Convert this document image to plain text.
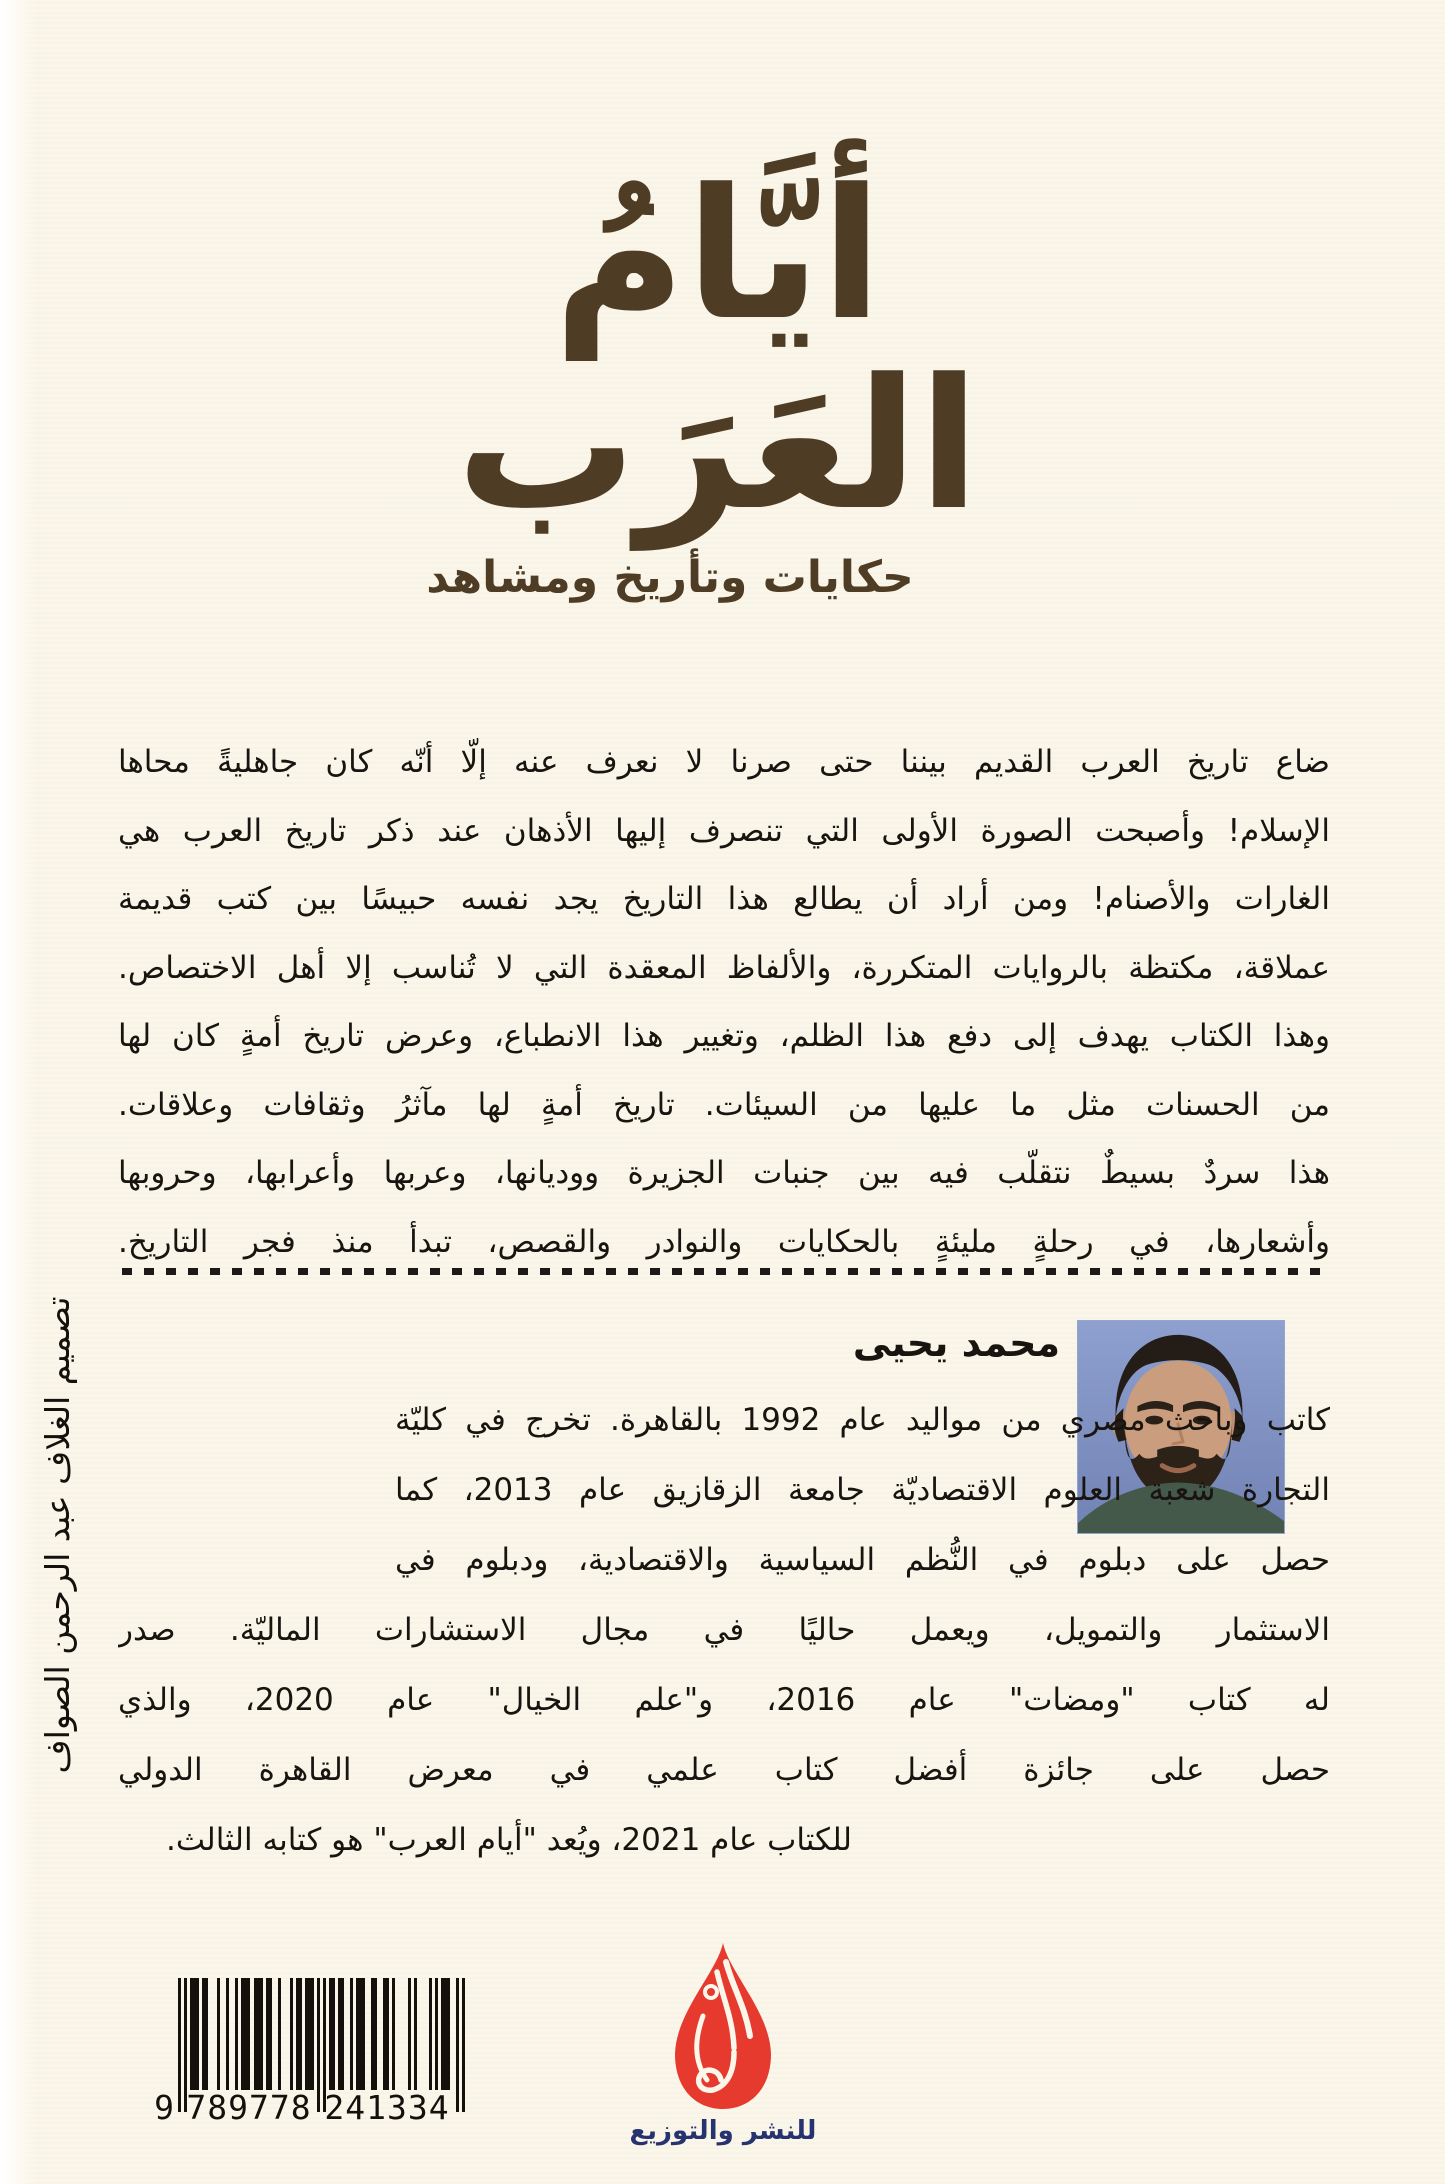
أيَّامُ
العَرَب
حكايات وتأريخ ومشاهد
ضاع تاريخ العرب القديم بيننا حتى صرنا لا نعرف عنه إلّا أنّه كان جاهليةً محاها
الإسلام! وأصبحت الصورة الأولى التي تنصرف إليها الأذهان عند ذكر تاريخ العرب هي
الغارات والأصنام! ومن أراد أن يطالع هذا التاريخ يجد نفسه حبيسًا بين كتب قديمة
عملاقة، مكتظة بالروايات المتكررة، والألفاظ المعقدة التي لا تُناسب إلا أهل الاختصاص.
وهذا الكتاب يهدف إلى دفع هذا الظلم، وتغيير هذا الانطباع، وعرض تاريخ أمةٍ كان لها
من الحسنات مثل ما عليها من السيئات. تاريخ أمةٍ لها مآثرُ وثقافات وعلاقات.
هذا سردٌ بسيطٌ نتقلّب فيه بين جنبات الجزيرة ووديانها، وعربها وأعرابها، وحروبها
وأشعارها، في رحلةٍ مليئةٍ بالحكايات والنوادر والقصص، تبدأ منذ فجر التاريخ.
محمد يحيى
كاتب وباحث مصري من مواليد عام 1992 بالقاهرة. تخرج في كليّة
التجارة شعبة العلوم الاقتصاديّة جامعة الزقازيق عام 2013، كما
حصل على دبلوم في النُّظم السياسية والاقتصادية، ودبلوم في
الاستثمار والتمويل، ويعمل حاليًا في مجال الاستشارات الماليّة. صدر
له كتاب "ومضات" عام 2016، و"علم الخيال" عام 2020، والذي
حصل على جائزة أفضل كتاب علمي في معرض القاهرة الدولي
للكتاب عام 2021، ويُعد "أيام العرب" هو كتابه الثالث.
تصميم الغلاف عبد الرحمن الصواف
9 789778 241334
للنشر والتوزيع
